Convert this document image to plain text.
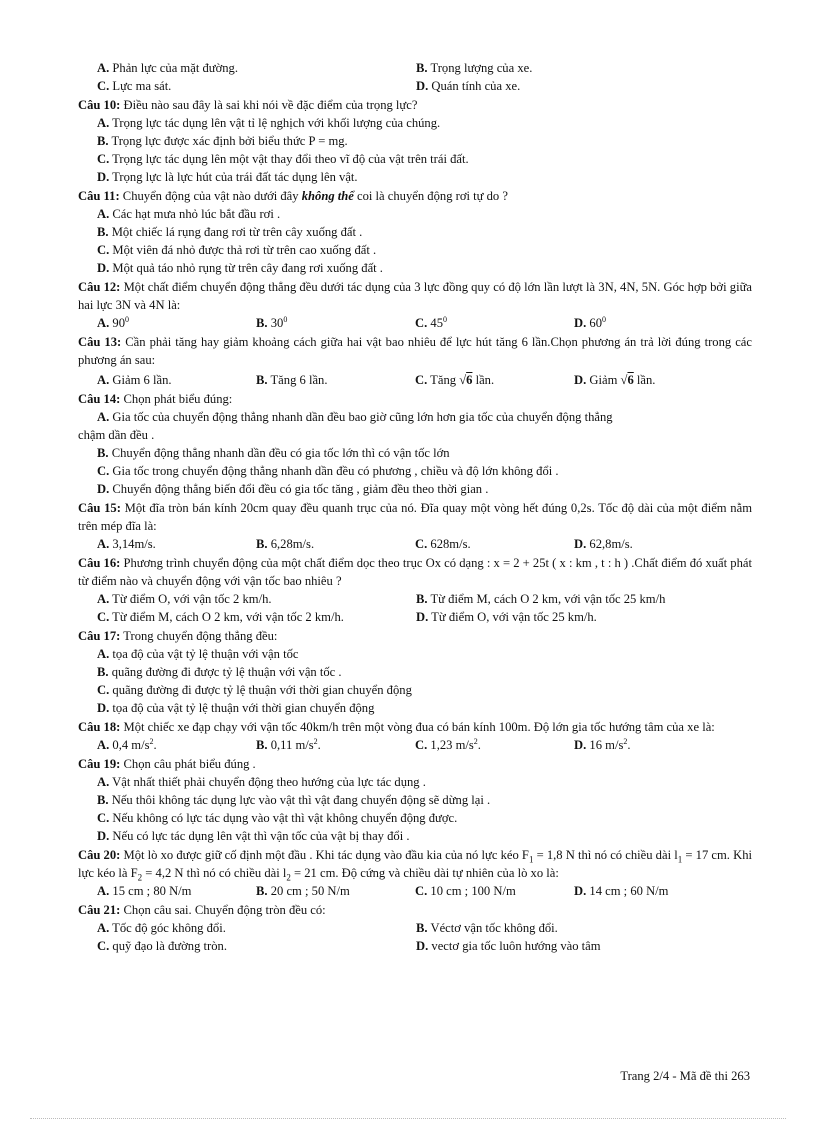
A. Phản lực của mặt đường.	B. Trọng lượng của xe.
C. Lực ma sát.	D. Quán tính của xe.
Câu 10: Điều nào sau đây là sai khi nói về đặc điểm của trọng lực?
A. Trọng lực tác dụng lên vật tỉ lệ nghịch với khối lượng của chúng.
B. Trọng lực được xác định bởi biểu thức P = mg.
C. Trọng lực tác dụng lên một vật thay đổi theo vĩ độ của vật trên trái đất.
D. Trọng lực là lực hút của trái đất tác dụng lên vật.
Câu 11: Chuyển động của vật nào dưới đây không thể coi là chuyển động rơi tự do ?
A. Các hạt mưa nhỏ lúc bắt đầu rơi .
B. Một chiếc lá rụng đang rơi từ trên cây xuống đất .
C. Một viên đá nhỏ được thả rơi từ trên cao xuống đất .
D. Một quả táo nhỏ rụng từ trên cây đang rơi xuống đất .
Câu 12: Một chất điểm chuyển động thẳng đều dưới tác dụng của 3 lực đồng quy có độ lớn lần lượt là 3N, 4N, 5N. Góc hợp bởi giữa hai lực 3N và 4N là:
A. $90^0$	B. $30^0$	C. $45^0$	D. $60^0$
Câu 13: Cần phải tăng hay giảm khoảng cách giữa hai vật bao nhiêu để lực hút tăng 6 lần.Chọn phương án trả lời đúng trong các phương án sau:
A. Giảm 6 lần.	B. Tăng 6 lần.	C. Tăng √6 lần.	D. Giảm √6 lần.
Câu 14: Chọn phát biểu đúng:
A. Gia tốc của chuyển động thẳng nhanh dần đều bao giờ cũng lớn hơn gia tốc của chuyển động thẳng
chậm dần đều .
B. Chuyển động thẳng nhanh dần đều có gia tốc lớn thì có vận tốc lớn
C. Gia tốc trong chuyển động thẳng nhanh dần đều có phương , chiều và độ lớn không đổi .
D. Chuyển động thẳng biến đổi đều có gia tốc tăng , giảm đều theo thời gian .
Câu 15: Một đĩa tròn bán kính 20cm quay đều quanh trục của nó. Đĩa quay một vòng hết đúng 0,2s. Tốc độ dài của một điểm nằm trên mép đĩa là:
A. 3,14m/s.	B. 6,28m/s.	C. 628m/s.	D. 62,8m/s.
Câu 16: Phương trình chuyển động của một chất điểm dọc theo trục Ox có dạng : x = 2 + 25t ( x : km , t : h ) .Chất điểm đó xuất phát từ điểm nào và chuyển động với vận tốc bao nhiêu ?
A. Từ điểm O, với vận tốc 2 km/h.	B. Từ điểm M, cách O 2 km, với vận tốc 25 km/h
C. Từ điểm M, cách O 2 km, với vận tốc 2 km/h.	D. Từ điểm O, với vận tốc 25 km/h.
Câu 17: Trong chuyển động thẳng đều:
A. tọa độ của vật tỷ lệ thuận với vận tốc
B. quãng đường đi được tỷ lệ thuận với vận tốc .
C. quãng đường đi được tỷ lệ thuận với thời gian chuyển động
D. tọa độ của vật tỷ lệ thuận với thời gian chuyển động
Câu 18: Một chiếc xe đạp chạy với vận tốc 40km/h trên một vòng đua có bán kính 100m. Độ lớn gia tốc hướng tâm của xe là:
A. 0,4 $m/s^2$.	B. 0,11 $m/s^2$.	C. 1,23 $m/s^2$.	D. 16 $m/s^2$.
Câu 19: Chọn câu phát biểu đúng .
A. Vật nhất thiết phải chuyển động theo hướng của lực tác dụng .
B. Nếu thôi không tác dụng lực vào vật thì vật đang chuyển động sẽ dừng lại .
C. Nếu không có lực tác dụng vào vật thì vật không chuyển động được.
D. Nếu có lực tác dụng lên vật thì vận tốc của vật bị thay đổi .
Câu 20: Một lò xo được giữ cố định một đầu . Khi tác dụng vào đầu kia của nó lực kéo $F_1 = 1,8$ N thì nó có chiều dài $l_1 = 17$ cm. Khi lực kéo là $F_2 = 4,2$ N thì nó có chiều dài $l_2 = 21$ cm. Độ cứng và chiều dài tự nhiên của lò xo là:
A. 15 cm ; 80 N/m	B. 20 cm ; 50 N/m	C. 10 cm ; 100 N/m	D. 14 cm ; 60 N/m
Câu 21: Chọn câu sai. Chuyển động tròn đều có:
A. Tốc độ góc không đổi.	B. Véctơ vận tốc không đổi.
C. quỹ đạo là đường tròn.	D. vectơ gia tốc luôn hướng vào tâm
Trang 2/4 - Mã đề thi 263
